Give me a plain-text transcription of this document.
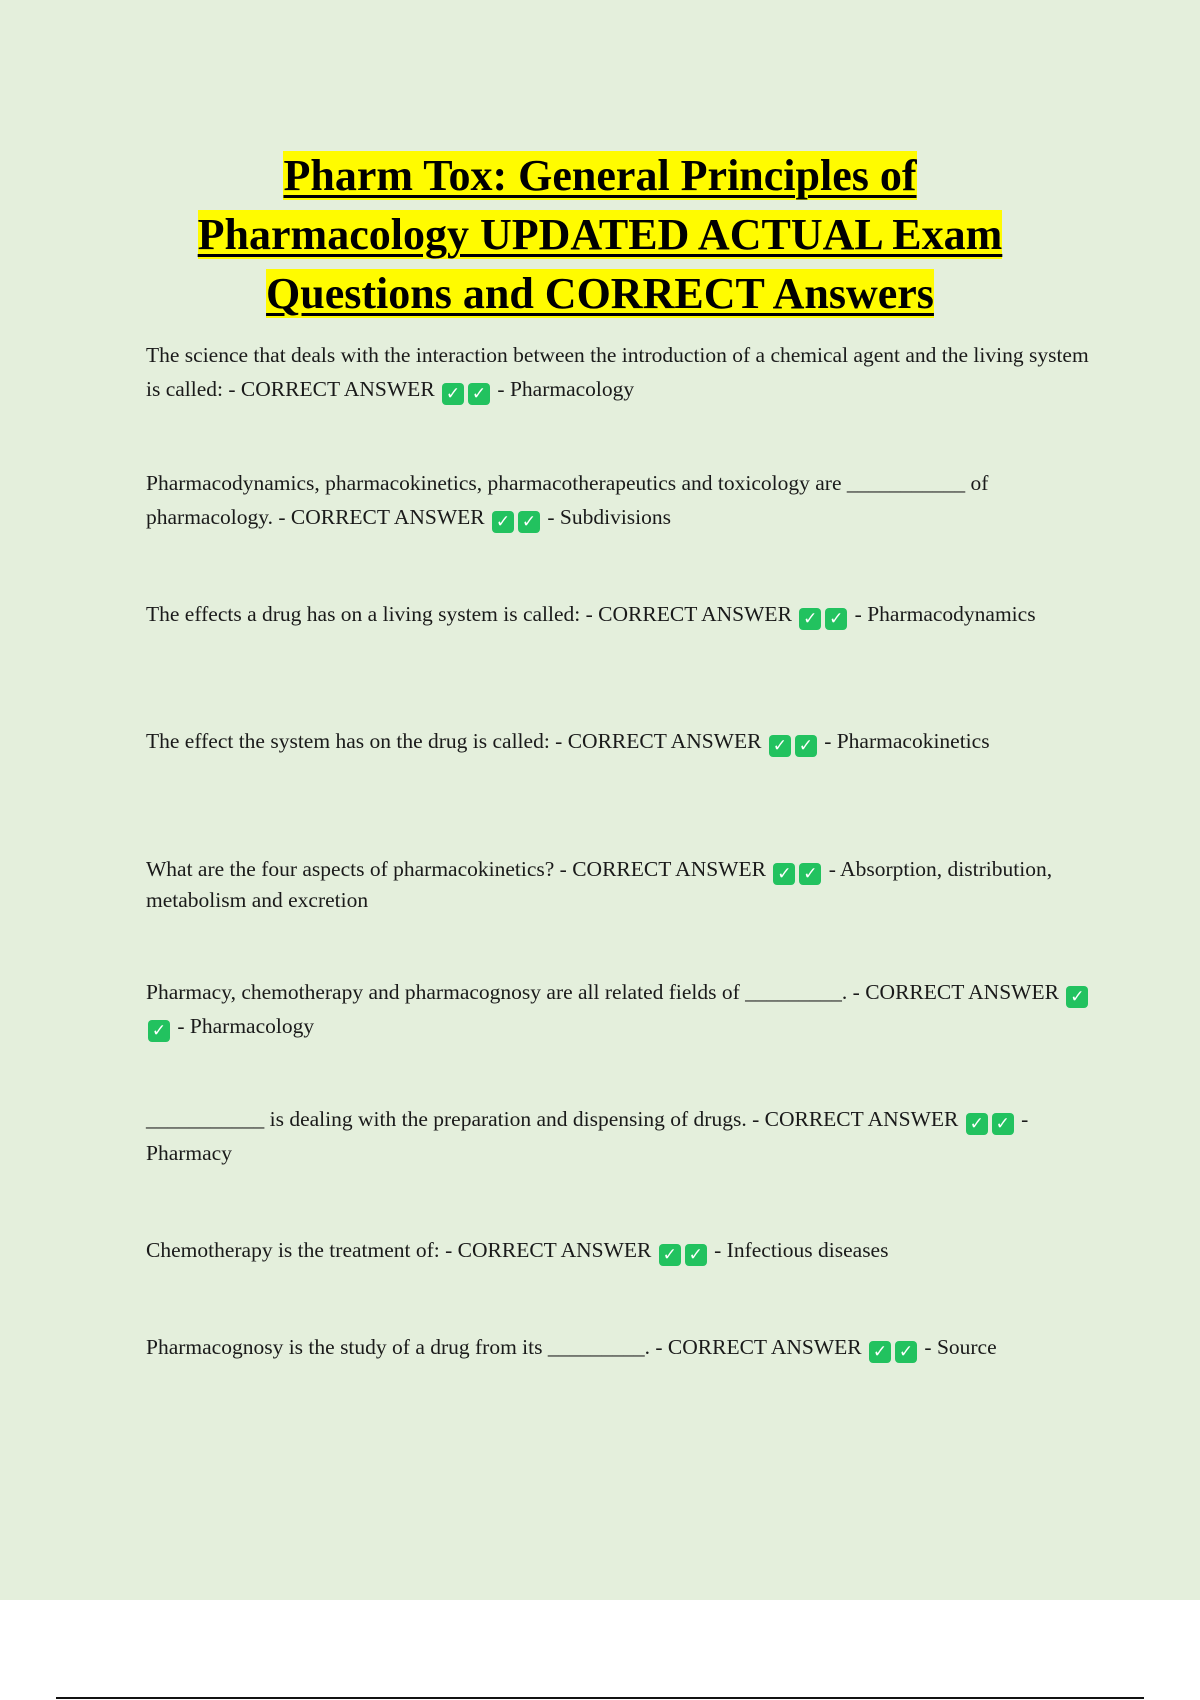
Pharm Tox: General Principles of
Pharmacology UPDATED ACTUAL Exam
Questions and CORRECT Answers

The science that deals with the interaction between the introduction of a chemical agent and the living system is called: - CORRECT ANSWER ✓ ✓ - Pharmacology

Pharmacodynamics, pharmacokinetics, pharmacotherapeutics and toxicology are ___________ of pharmacology. - CORRECT ANSWER ✓ ✓ - Subdivisions

The effects a drug has on a living system is called: - CORRECT ANSWER ✓ ✓ - Pharmacodynamics

The effect the system has on the drug is called: - CORRECT ANSWER ✓ ✓ - Pharmacokinetics

What are the four aspects of pharmacokinetics? - CORRECT ANSWER ✓ ✓ - Absorption, distribution, metabolism and excretion

Pharmacy, chemotherapy and pharmacognosy are all related fields of _________. - CORRECT ANSWER ✓✓ - Pharmacology

___________ is dealing with the preparation and dispensing of drugs. - CORRECT ANSWER ✓ ✓ - Pharmacy

Chemotherapy is the treatment of: - CORRECT ANSWER ✓ ✓ - Infectious diseases

Pharmacognosy is the study of a drug from its _________. - CORRECT ANSWER ✓ ✓ - Source
